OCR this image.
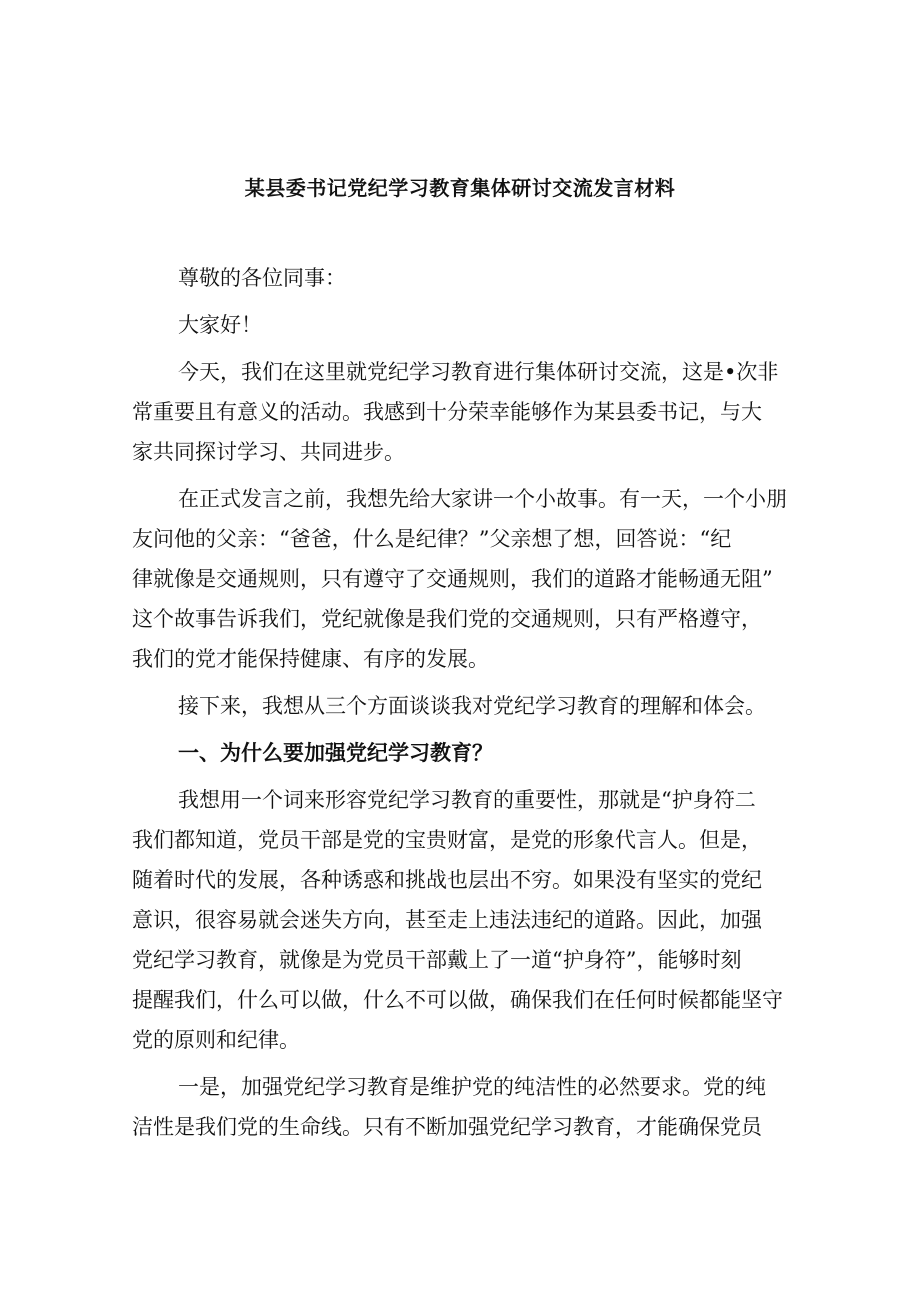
某县委书记党纪学习教育集体研讨交流发言材料
尊敬的各位同事：
大家好！
今天，我们在这里就党纪学习教育进行集体研讨交流，这是•次非
常重要且有意义的活动。我感到十分荣幸能够作为某县委书记，与大
家共同探讨学习、共同进步。
在正式发言之前，我想先给大家讲一个小故事。有一天，一个小朋
友问他的父亲：“爸爸，什么是纪律？”父亲想了想，回答说：“纪
律就像是交通规则，只有遵守了交通规则，我们的道路才能畅通无阻”
这个故事告诉我们，党纪就像是我们党的交通规则，只有严格遵守，
我们的党才能保持健康、有序的发展。
接下来，我想从三个方面谈谈我对党纪学习教育的理解和体会。
一、为什么要加强党纪学习教育？
我想用一个词来形容党纪学习教育的重要性，那就是“护身符二
我们都知道，党员干部是党的宝贵财富，是党的形象代言人。但是，
随着时代的发展，各种诱惑和挑战也层出不穷。如果没有坚实的党纪
意识，很容易就会迷失方向，甚至走上违法违纪的道路。因此，加强
党纪学习教育，就像是为党员干部戴上了一道“护身符”，能够时刻
提醒我们，什么可以做，什么不可以做，确保我们在任何时候都能坚守
党的原则和纪律。
一是，加强党纪学习教育是维护党的纯洁性的必然要求。党的纯
洁性是我们党的生命线。只有不断加强党纪学习教育，才能确保党员
